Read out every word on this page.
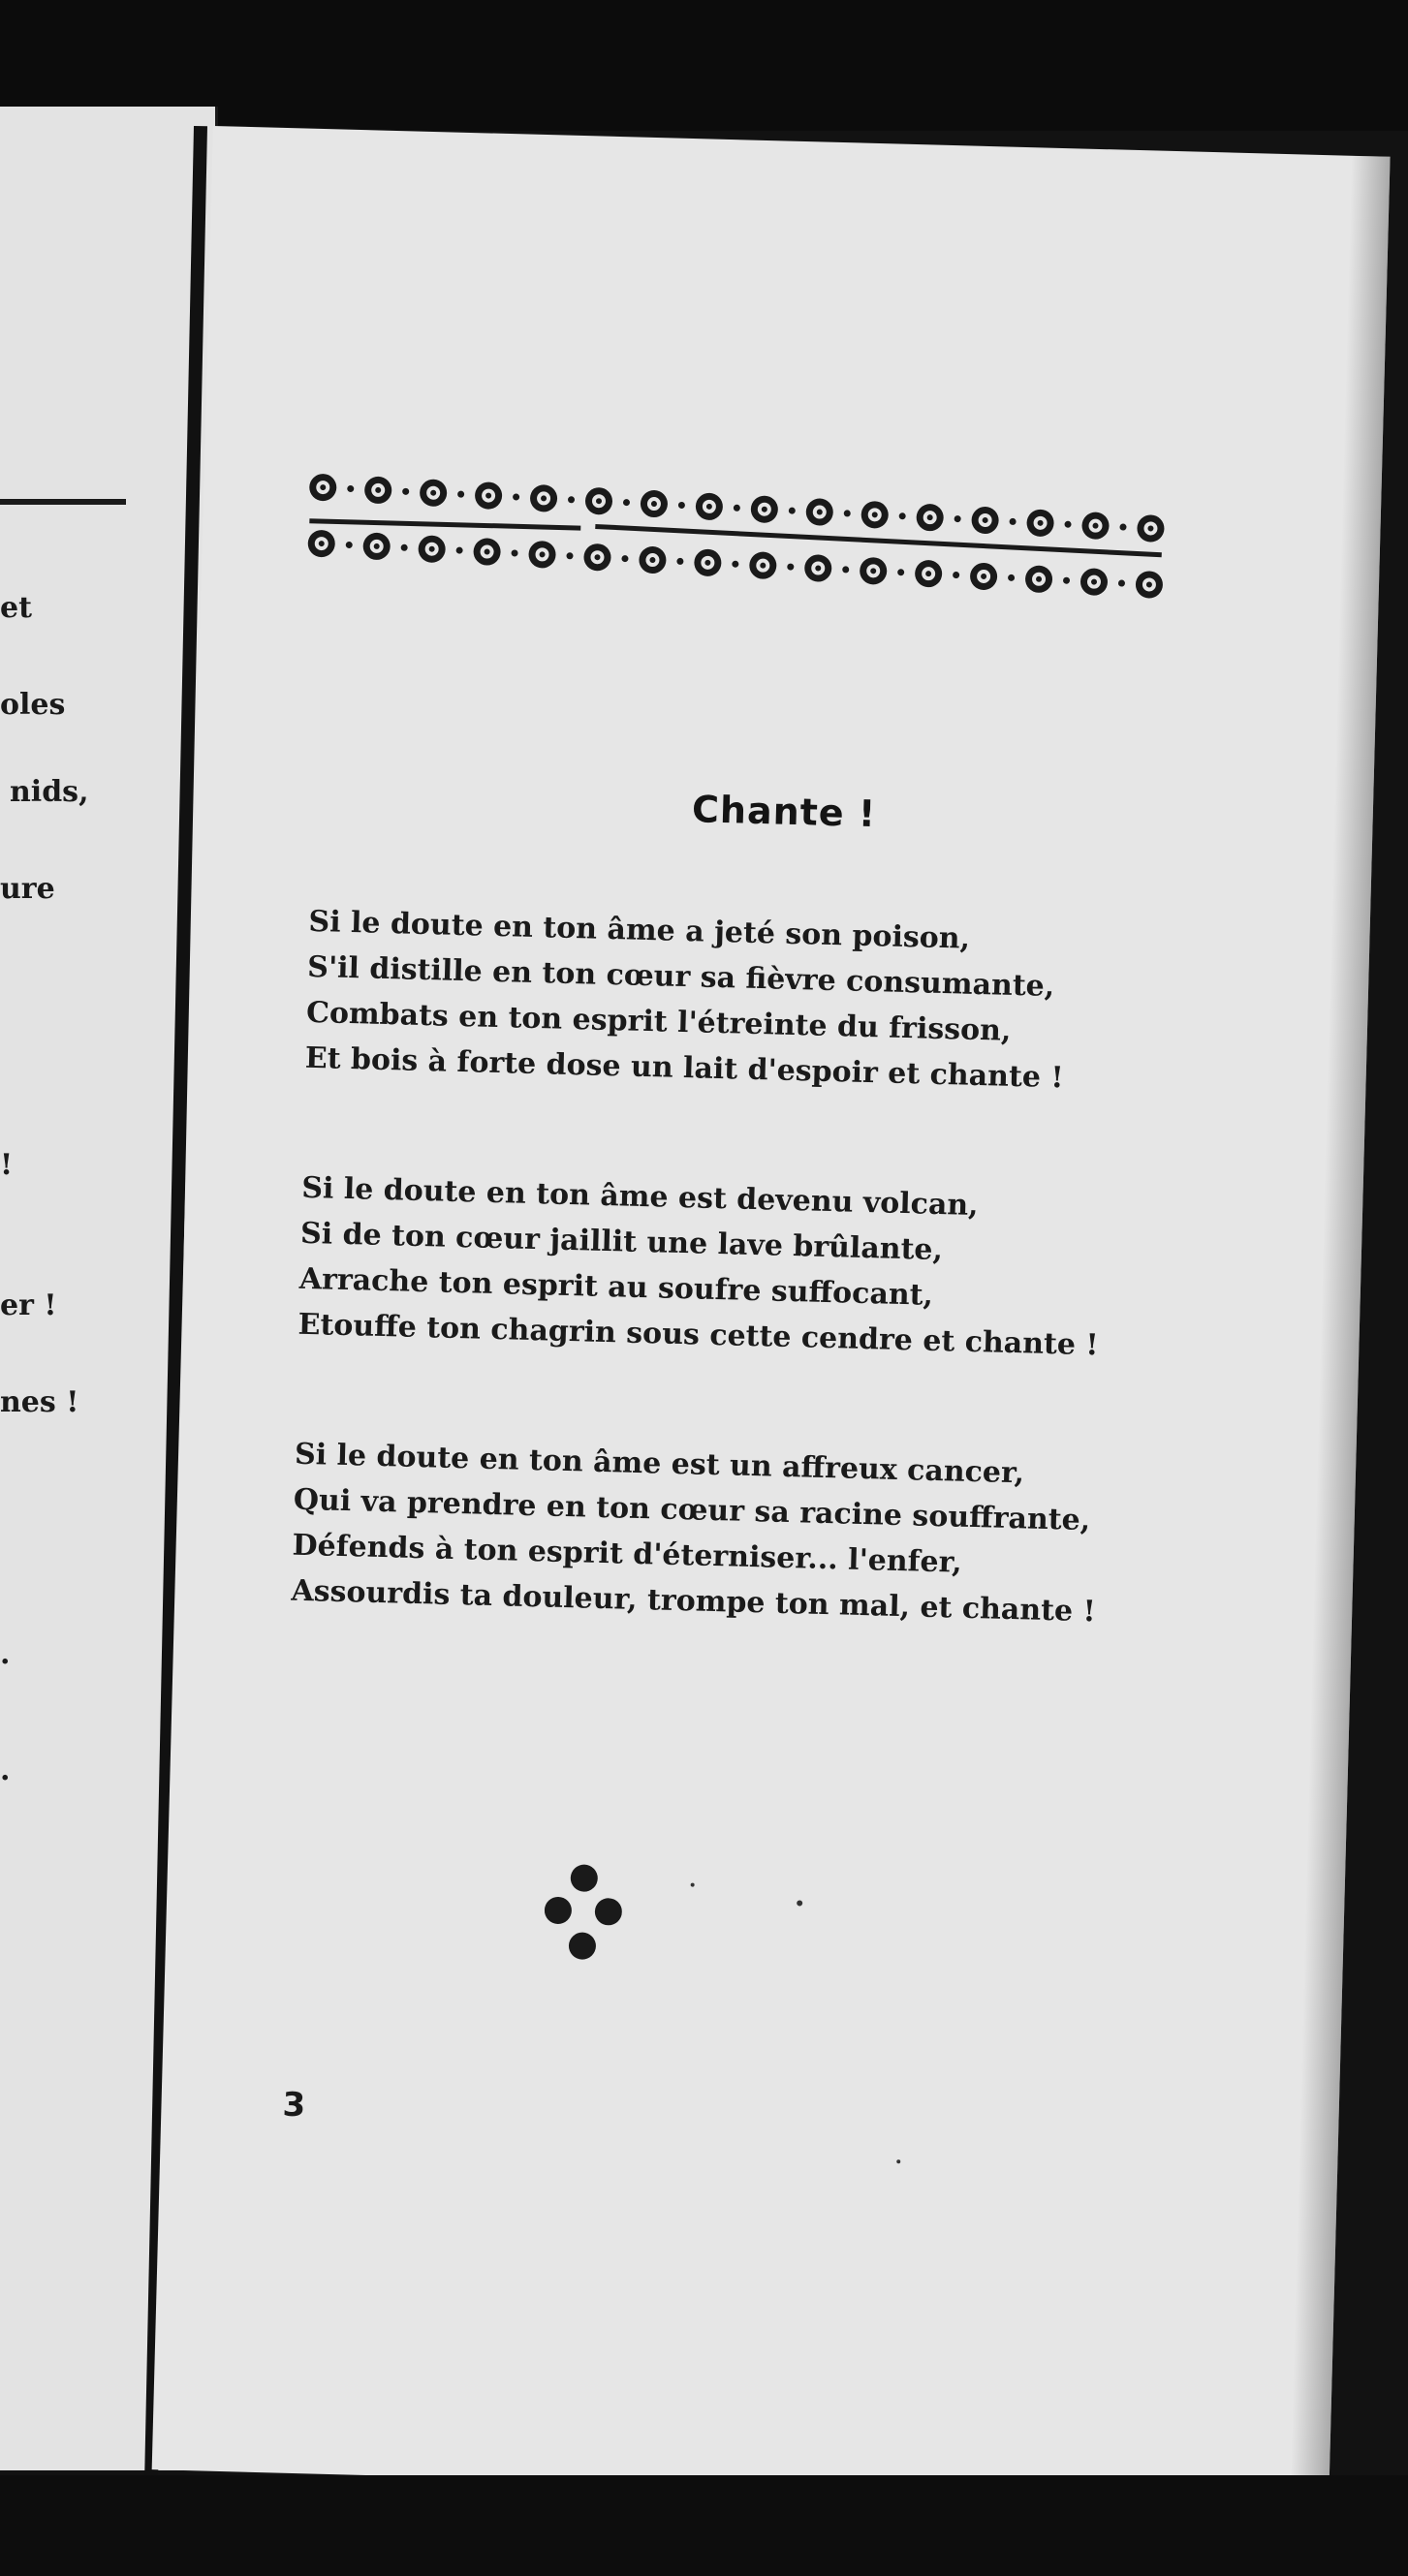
et
oles
nids,
ure
!
er !
nes !
.
.
Chante !
Si le doute en ton âme a jeté son poison,
S'il distille en ton cœur sa fièvre consumante,
Combats en ton esprit l'étreinte du frisson,
Et bois à forte dose un lait d'espoir et chante !
Si le doute en ton âme est devenu volcan,
Si de ton cœur jaillit une lave brûlante,
Arrache ton esprit au soufre suffocant,
Etouffe ton chagrin sous cette cendre et chante !
Si le doute en ton âme est un affreux cancer,
Qui va prendre en ton cœur sa racine souffrante,
Défends à ton esprit d'éterniser... l'enfer,
Assourdis ta douleur, trompe ton mal, et chante !
3
